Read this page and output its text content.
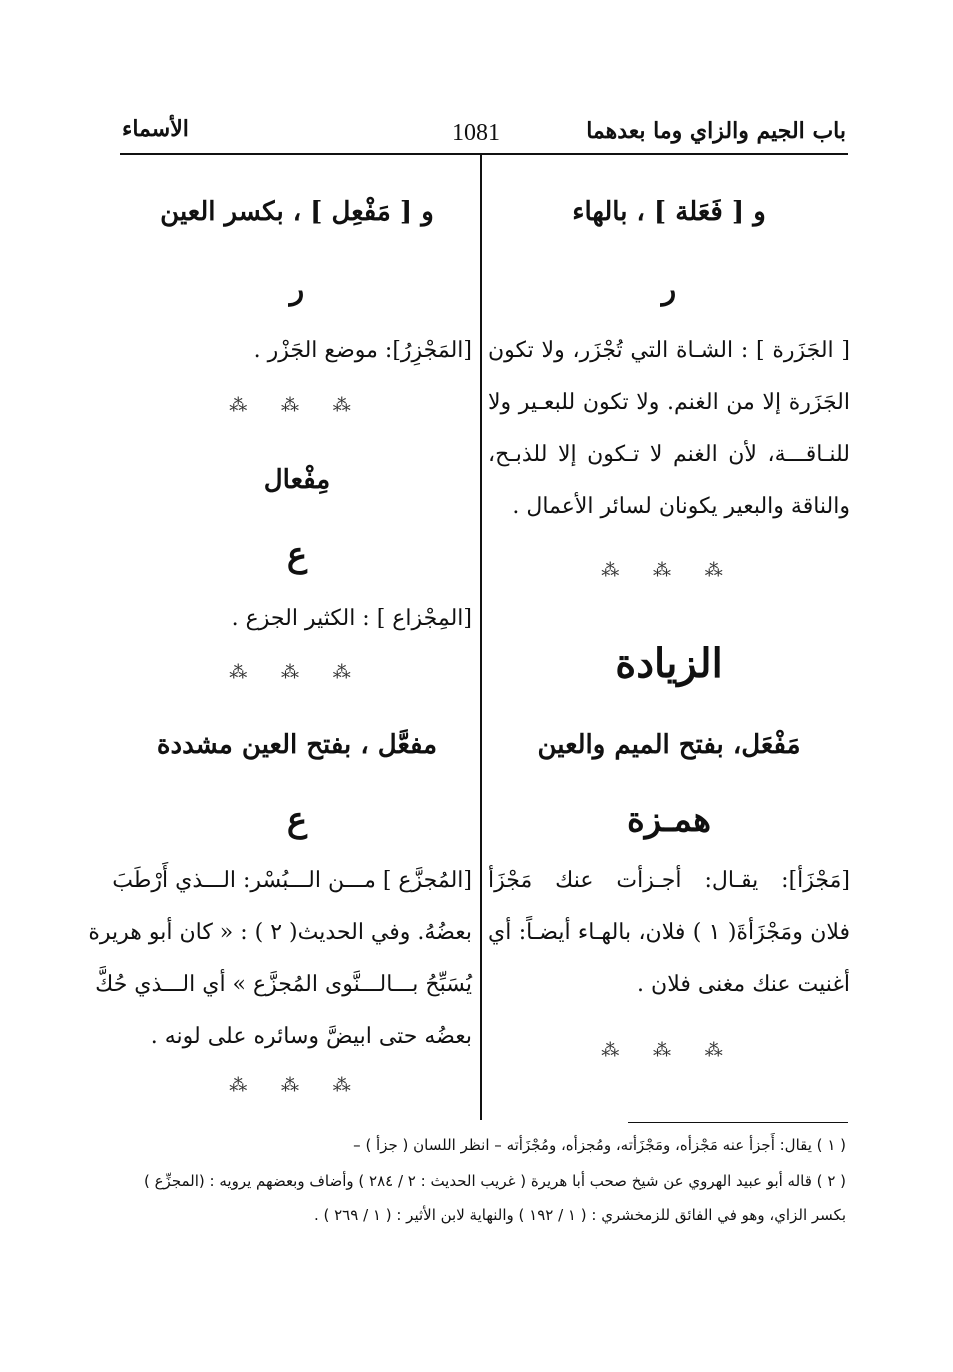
باب الجيم والزاي وما بعدهما
1081
الأسماء
و [ فَعَلة ] ، بالهاء
ر
[ الجَزَرة ] : الشـاة التي تُجْزَر، ولا تكون
الجَزَرة إلا من الغنم. ولا تكون للبعـير ولا
للنـاقـــة، لأن الغنم لا تـكون إلا للذبـح،
والناقة والبعير يكونان لسائر الأعمال .
⁂ ⁂ ⁂
الزيادة
مَفْعَل، بفتح الميم والعين
همـزة
[مَجْزَأ]: يقـال: أجـزأت عنك مَجْزَأ
فلان ومَجْزَأةَ( ١ ) فلان، بالهـاء أيضـاً: أي
أغنيت عنك مغنى فلان .
⁂ ⁂ ⁂
و [ مَفْعِل ] ، بكسر العين
ر
[المَجْزِرُ]: موضع الجَزْر .
⁂ ⁂ ⁂
مِفْعال
ع
[المِجْزاع ] : الكثير الجزع .
⁂ ⁂ ⁂
مفعَّل ، بفتح العين مشددة
ع
[المُجزَّع ] مـــن الـــبُسْر: الـــذي أَرْطَبَ
بعضُهُ. وفي الحديث( ٢ ) : « كان أبو هريرة
يُسَبِّحُ بـــالـــنَّوى المُجزَّع » أي الـــذي حُكَّ
بعضُه حتى ابيضَّ وسائره على لونه .
⁂ ⁂ ⁂
( ١ ) يقال: أَجزأ عنه مَجْزأه، ومَجْزَأته، ومُجزأه، ومُجْزَأته – انظر اللسان ( جزأ ) –
( ٢ ) قاله أبو عبيد الهروي عن شيخ صحب أبا هريرة ( غريب الحديث : ٢ / ٢٨٤ ) وأضاف وبعضهم يرويه : (المجزِّع )
بكسر الزاي، وهو في الفائق للزمخشري : ( ١ / ١٩٢ ) والنهاية لابن الأثير : ( ١ / ٢٦٩ ) .
